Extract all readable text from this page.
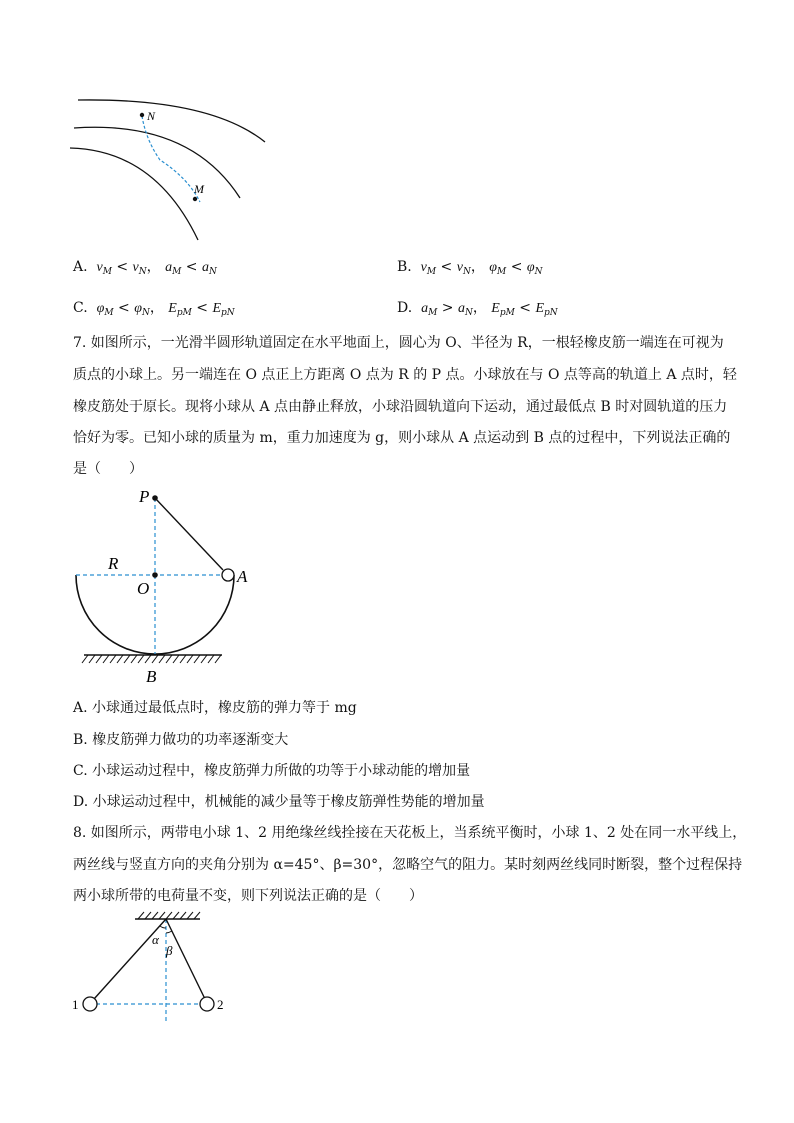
N
M
A. $v_M < v_N$， $a_M < a_N$	B. $v_M < v_N$， $\varphi_M < \varphi_N$
C. $\varphi_M < \varphi_N$， $E_{pM} < E_{pN}$	D. $a_M > a_N$， $E_{pM} < E_{pN}$
7. 如图所示，一光滑半圆形轨道固定在水平地面上，圆心为 O、半径为 R，一根轻橡皮筋一端连在可视为
质点的小球上。另一端连在 O 点正上方距离 O 点为 R 的 P 点。小球放在与 O 点等高的轨道上 A 点时，轻
橡皮筋处于原长。现将小球从 A 点由静止释放，小球沿圆轨道向下运动，通过最低点 B 时对圆轨道的压力
恰好为零。已知小球的质量为 m，重力加速度为 g，则小球从 A 点运动到 B 点的过程中，下列说法正确的
是（　　）
P
R
O
A
B
A. 小球通过最低点时，橡皮筋的弹力等于 mg
B. 橡皮筋弹力做功的功率逐渐变大
C. 小球运动过程中，橡皮筋弹力所做的功等于小球动能的增加量
D. 小球运动过程中，机械能的减少量等于橡皮筋弹性势能的增加量
8. 如图所示，两带电小球 1、2 用绝缘丝线拴接在天花板上，当系统平衡时，小球 1、2 处在同一水平线上，
两丝线与竖直方向的夹角分别为 α=45°、β=30°，忽略空气的阻力。某时刻两丝线同时断裂，整个过程保持
两小球所带的电荷量不变，则下列说法正确的是（　　）
α
β
1	2
